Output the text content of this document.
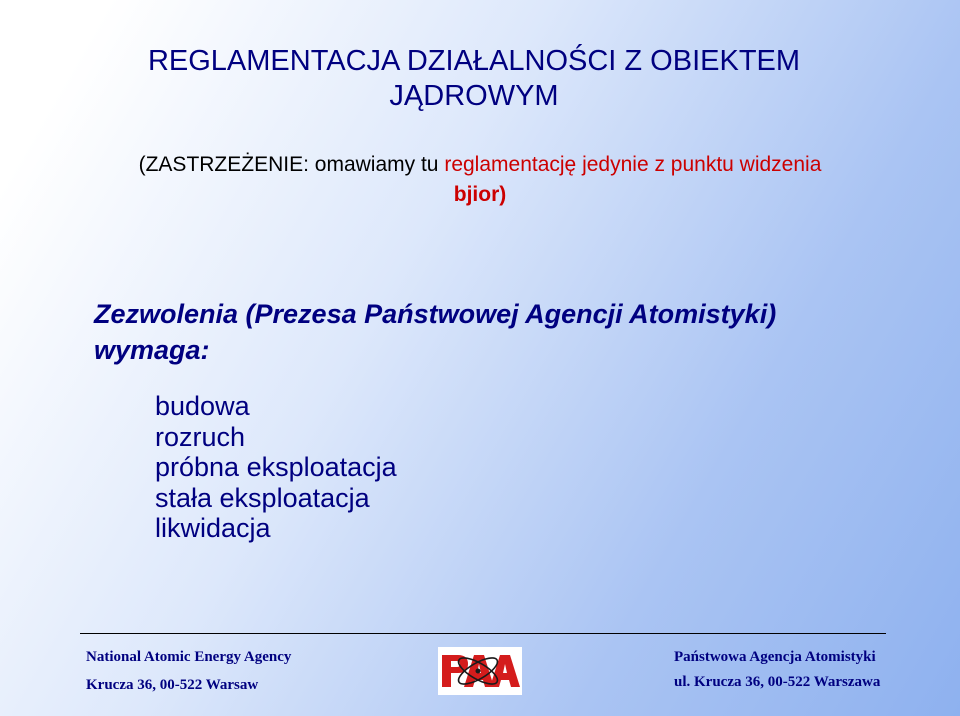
REGLAMENTACJA DZIAŁALNOŚCI Z OBIEKTEM
JĄDROWYM
(ZASTRZEŻENIE: omawiamy tu reglamentację jedynie z punktu widzenia
bjior)
Zezwolenia (Prezesa Państwowej Agencji Atomistyki)
wymaga:
budowa
rozruch
próbna eksploatacja
stała eksploatacja
likwidacja
National Atomic Energy Agency
Krucza 36, 00-522 Warsaw
Państwowa Agencja Atomistyki
ul. Krucza 36, 00-522 Warszawa
